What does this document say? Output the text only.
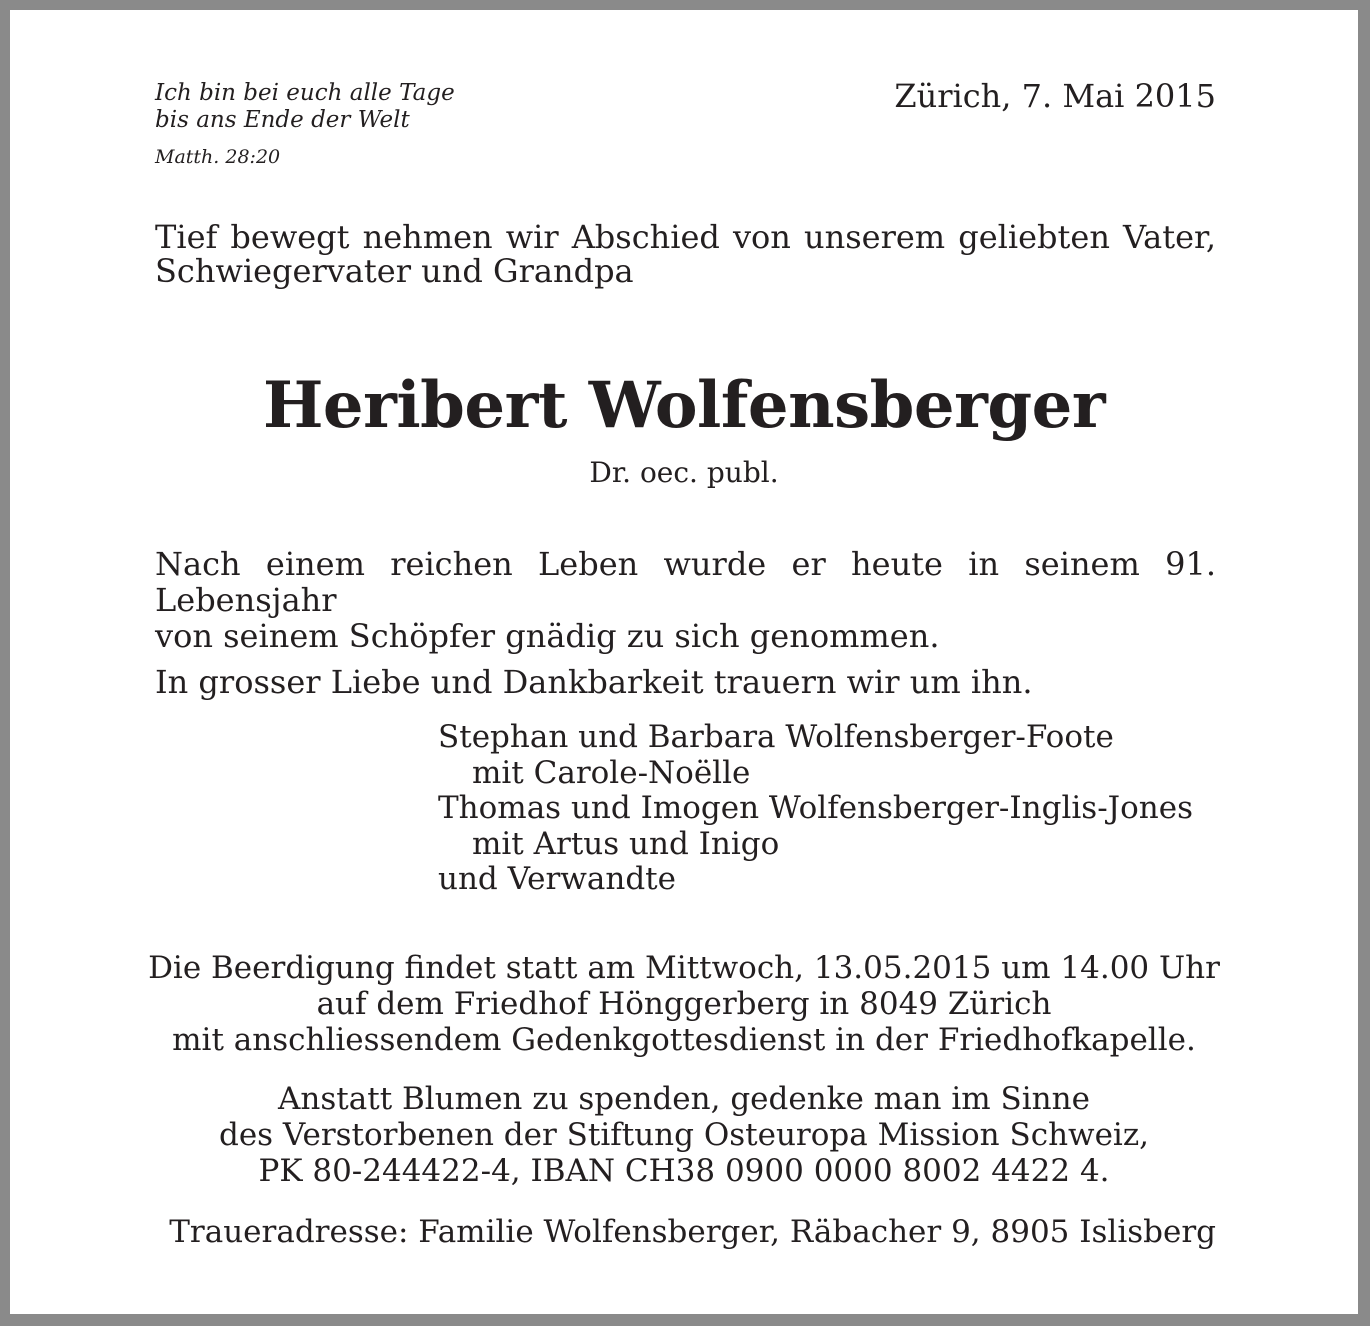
Ich bin bei euch alle Tage
bis ans Ende der Welt
Matth. 28:20
Zürich, 7. Mai 2015
Tief bewegt nehmen wir Abschied von unserem geliebten Vater,
Schwiegervater und Grandpa
Heribert Wolfensberger
Dr. oec. publ.
Nach einem reichen Leben wurde er heute in seinem 91. Lebensjahr
von seinem Schöpfer gnädig zu sich genommen.
In grosser Liebe und Dankbarkeit trauern wir um ihn.
Stephan und Barbara Wolfensberger-Foote
mit Carole-Noëlle
Thomas und Imogen Wolfensberger-Inglis-Jones
mit Artus und Inigo
und Verwandte
Die Beerdigung findet statt am Mittwoch, 13.05.2015 um 14.00 Uhr
auf dem Friedhof Hönggerberg in 8049 Zürich
mit anschliessendem Gedenkgottesdienst in der Friedhofkapelle.
Anstatt Blumen zu spenden, gedenke man im Sinne
des Verstorbenen der Stiftung Osteuropa Mission Schweiz,
PK 80-244422-4, IBAN CH38 0900 0000 8002 4422 4.
Traueradresse: Familie Wolfensberger, Räbacher 9, 8905 Islisberg
